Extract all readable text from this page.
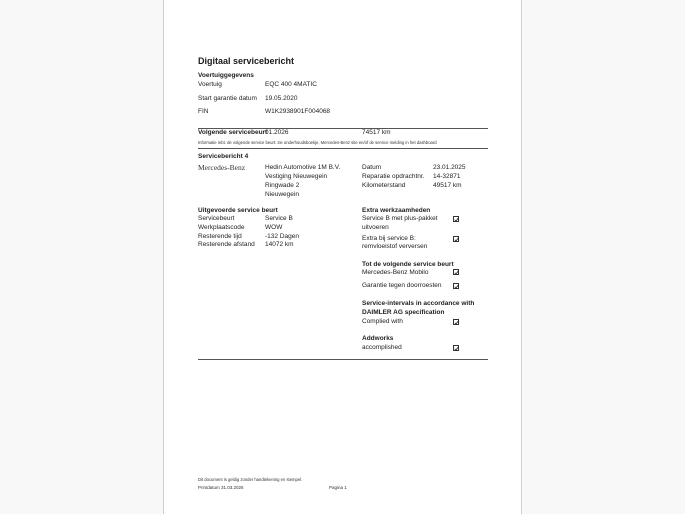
Digitaal servicebericht
Voertuiggegevens
Voertuig	EQC 400 4MATIC
Start garantie datum 19.05.2020
FIN	W1K2938901F004068
Volgende servicebeurt
01.2026	74517 km
Informatie mbt. de volgende service beurt: zie onderhoudsboekje, Mercedes-Benz site en/of de service melding in het dashboard
Servicebericht 4
Mercedes-Benz	Hedin Automotive 1M B.V.
Vestiging Nieuwegein
Ringwade 2
Nieuwegein
Datum	23.01.2025
Reparatie opdrachtnr. 14-32871
Kilometerstand	49517 km
Uitgevoerde service beurt
Servicebeurt	Service B
Werkplaatscode	WOW
Resterende tijd	-132 Dagen
Resterende afstand 14072 km
Extra werkzaamheden
Service B met plus-pakket
uitvoeren
Extra bij service B:
remvloeistof verversen
Tot de volgende service beurt
Mercedes-Benz Mobilo
Garantie tegen doorroesten
Service-intervals in accordance with
DAIMLER AG specification
Complied with
Addworks
accomplished
Dit document is geldig zonder handtekening en stempel.
Printdatum 31.03.2026	Pagina 1
